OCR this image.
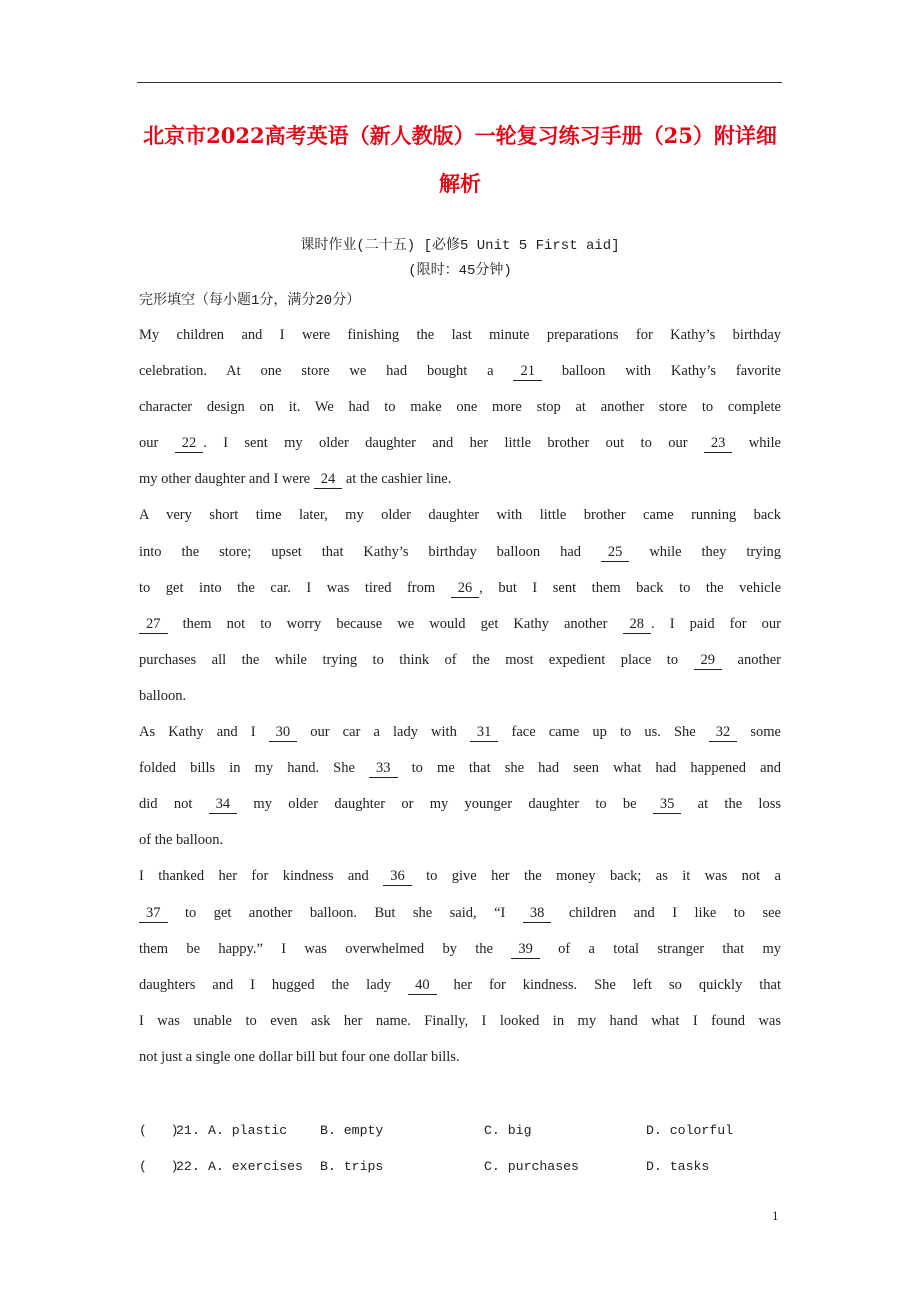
北京市2022高考英语（新人教版）一轮复习练习手册（25）附详细
解析
课时作业(二十五) [必修5 Unit 5 First aid]
(限时：45分钟)
完形填空（每小题1分，满分20分）
My children and I were finishing the last minute preparations for Kathy’s birthday
celebration. At one store we had bought a 21 balloon with Kathy’s favorite
character design on it. We had to make one more stop at another store to complete
our 22 . I sent my older daughter and her little brother out to our 23 while
my other daughter and I were 24 at the cashier line.
A very short time later, my older daughter with little brother came running back
into the store; upset that Kathy’s birthday balloon had 25 while they trying
to get into the car. I was tired from 26 , but I sent them back to the vehicle
27 them not to worry because we would get Kathy another 28 . I paid for our
purchases all the while trying to think of the most expedient place to 29 another
balloon.
As Kathy and I 30 our car a lady with 31 face came up to us. She 32 some
folded bills in my hand. She 33 to me that she had seen what had happened and
did not 34 my older daughter or my younger daughter to be 35 at the loss
of the balloon.
I thanked her for kindness and 36 to give her the money back; as it was not a
37 to get another balloon. But she said, “I 38 children and I like to see
them be happy.” I was overwhelmed by the 39 of a total stranger that my
daughters and I hugged the lady 40 her for kindness. She left so quickly that
I was unable to even ask her name. Finally, I looked in my hand what I found was
not just a single one dollar bill but four one dollar bills.
(   )
21. A. plastic	B. empty	C. big	D. colorful
(   )
22. A. exercises	B. trips	C. purchases	D. tasks
1
